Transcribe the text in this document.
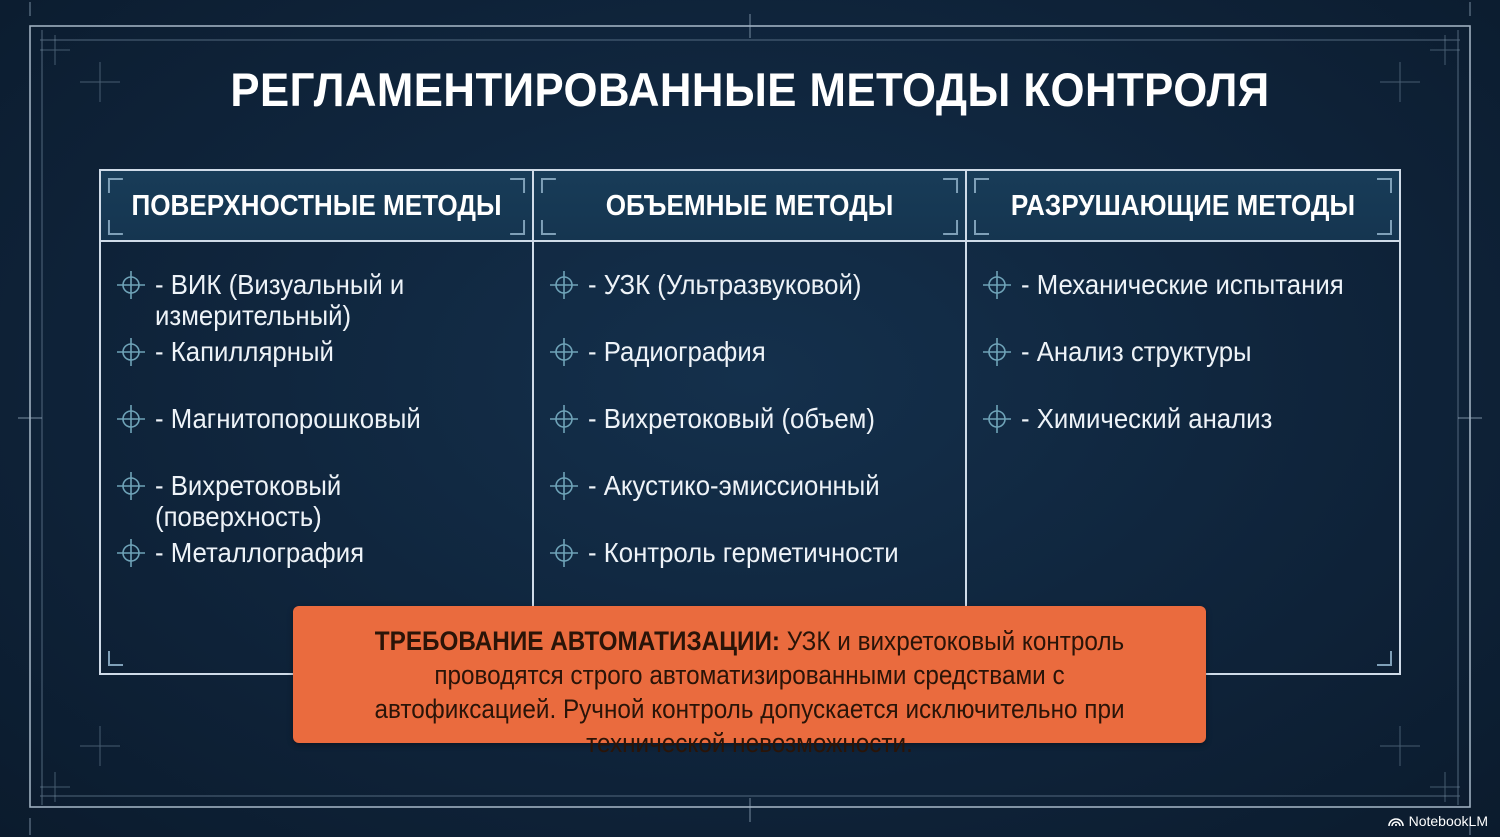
РЕГЛАМЕНТИРОВАННЫЕ МЕТОДЫ КОНТРОЛЯ
ПОВЕРХНОСТНЫЕ МЕТОДЫ
- ВИК (Визуальный и
измерительный)
- Капиллярный
- Магнитопорошковый
- Вихретоковый (поверхность)
- Металлография
ОБЪЕМНЫЕ МЕТОДЫ
- УЗК (Ультразвуковой)
- Радиография
- Вихретоковый (объем)
- Акустико-эмиссионный
- Контроль герметичности
РАЗРУШАЮЩИЕ МЕТОДЫ
- Механические испытания
- Анализ структуры
- Химический анализ
ТРЕБОВАНИЕ АВТОМАТИЗАЦИИ: УЗК и вихретоковый контроль проводятся строго автоматизированными средствами с автофиксацией. Ручной контроль допускается исключительно при технической невозможности.
NotebookLM
